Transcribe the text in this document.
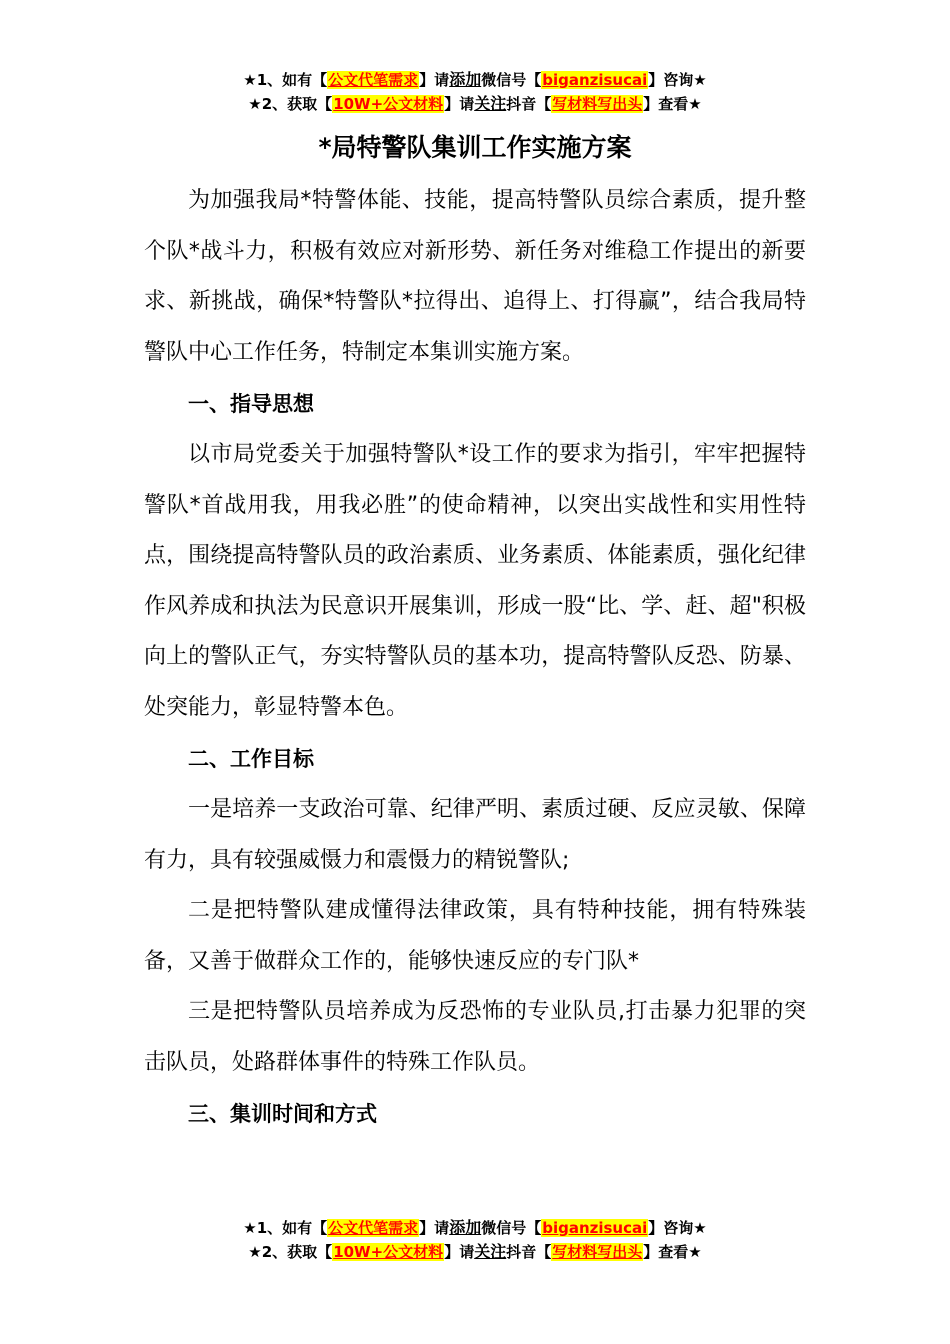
★1、如有【公文代笔需求】请添加微信号【biganzisucai】咨询★
★2、获取【10W+公文材料】请关注抖音【写材料写出头】查看★
*局特警队集训工作实施方案

为加强我局*特警体能、技能，提高特警队员综合素质，提升整个队*战斗力，积极有效应对新形势、新任务对维稳工作提出的新要求、新挑战，确保*特警队*拉得出、追得上、打得赢”，结合我局特警队中心工作任务，特制定本集训实施方案。

一、指导思想

以市局党委关于加强特警队*设工作的要求为指引，牢牢把握特警队*首战用我，用我必胜”的使命精神，以突出实战性和实用性特点，围绕提高特警队员的政治素质、业务素质、体能素质，强化纪律作风养成和执法为民意识开展集训，形成一股“比、学、赶、超"积极向上的警队正气，夯实特警队员的基本功，提高特警队反恐、防暴、处突能力，彰显特警本色。

二、工作目标

一是培养一支政治可靠、纪律严明、素质过硬、反应灵敏、保障有力，具有较强威慑力和震慑力的精锐警队;

二是把特警队建成懂得法律政策，具有特种技能，拥有特殊装备，又善于做群众工作的，能够快速反应的专门队*

三是把特警队员培养成为反恐怖的专业队员,打击暴力犯罪的突击队员，处路群体事件的特殊工作队员。

三、集训时间和方式
★1、如有【公文代笔需求】请添加微信号【biganzisucai】咨询★
★2、获取【10W+公文材料】请关注抖音【写材料写出头】查看★
